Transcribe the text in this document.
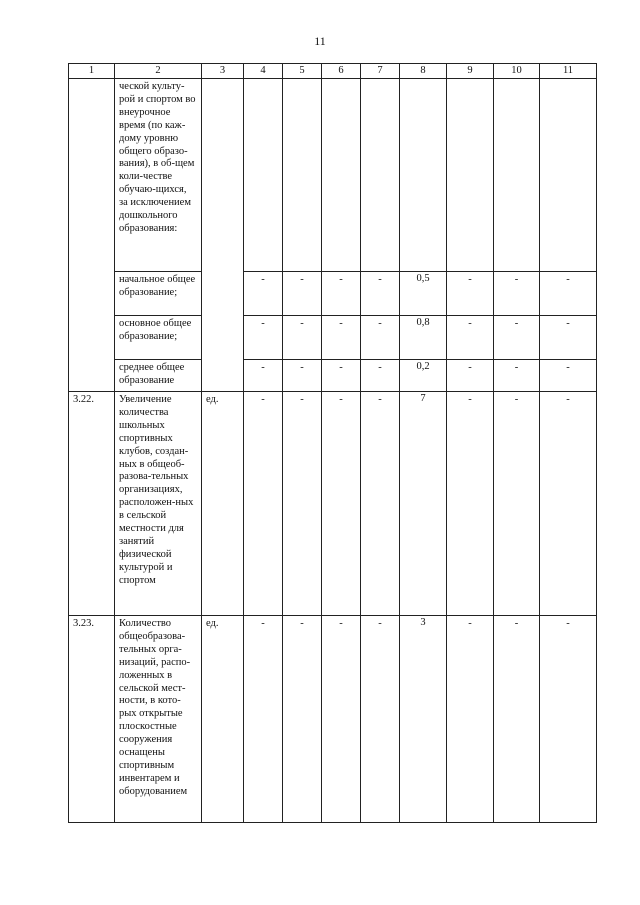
11
1	2	3	4	5	6	7	8	9	10	11
	ческой культу-рой и спортом во внеурочное время (по каж-дому уровню общего образо-вания), в об-щем коли-честве обучаю-щихся, за исключением дошкольного образования:									
	начальное общее образование;		-	-	-	-	0,5	-	-	-
	основное общее образование;		-	-	-	-	0,8	-	-	-
	среднее общее образование		-	-	-	-	0,2	-	-	-
3.22.	Увеличение количества школьных спортивных клубов, создан-ных в общеоб-разова-тельных организациях, расположен-ных в сельской местности для занятий физической культурой и спортом	ед.	-	-	-	-	7	-	-	-
3.23.	Количество общеобразова-тельных орга-низаций, распо-ложенных в сельской мест-ности, в кото-рых открытые плоскостные сооружения оснащены спортивным инвентарем и оборудованием	ед.	-	-	-	-	3	-	-	-
